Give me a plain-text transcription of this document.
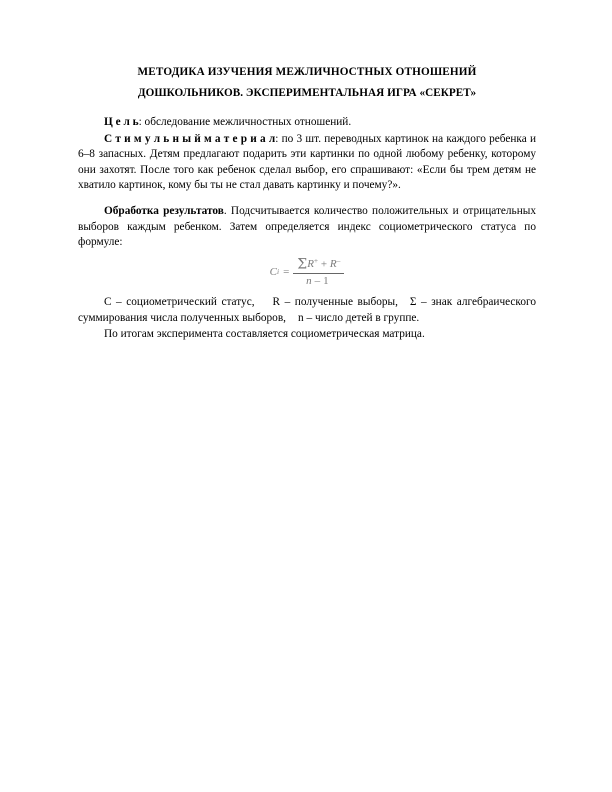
МЕТОДИКА ИЗУЧЕНИЯ МЕЖЛИЧНОСТНЫХ ОТНОШЕНИЙ
ДОШКОЛЬНИКОВ. ЭКСПЕРИМЕНТАЛЬНАЯ ИГРА «СЕКРЕТ»

Ц е л ь: обследование межличностных отношений.

С т и м у л ь н ы й м а т е р и а л: по 3 шт. переводных картинок на каждого ребенка и 6–8 запасных. Детям предлагают подарить эти картинки по одной любому ребенку, которому они захотят. После того как ребенок сделал выбор, его спрашивают: «Если бы трем детям не хватило картинок, кому бы ты не стал давать картинку и почему?».

Обработка результатов. Подсчитывается количество положительных и отрицательных выборов каждым ребенком. Затем определяется индекс социометрического статуса по формуле:

C $i = \frac{\Sigma R^+ + R^-}{n-1}$

C – социометрический статус, R – полученные выборы, Σ – знак алгебраического суммирования числа полученных выборов, n – число детей в группе.

По итогам эксперимента составляется социометрическая матрица.
